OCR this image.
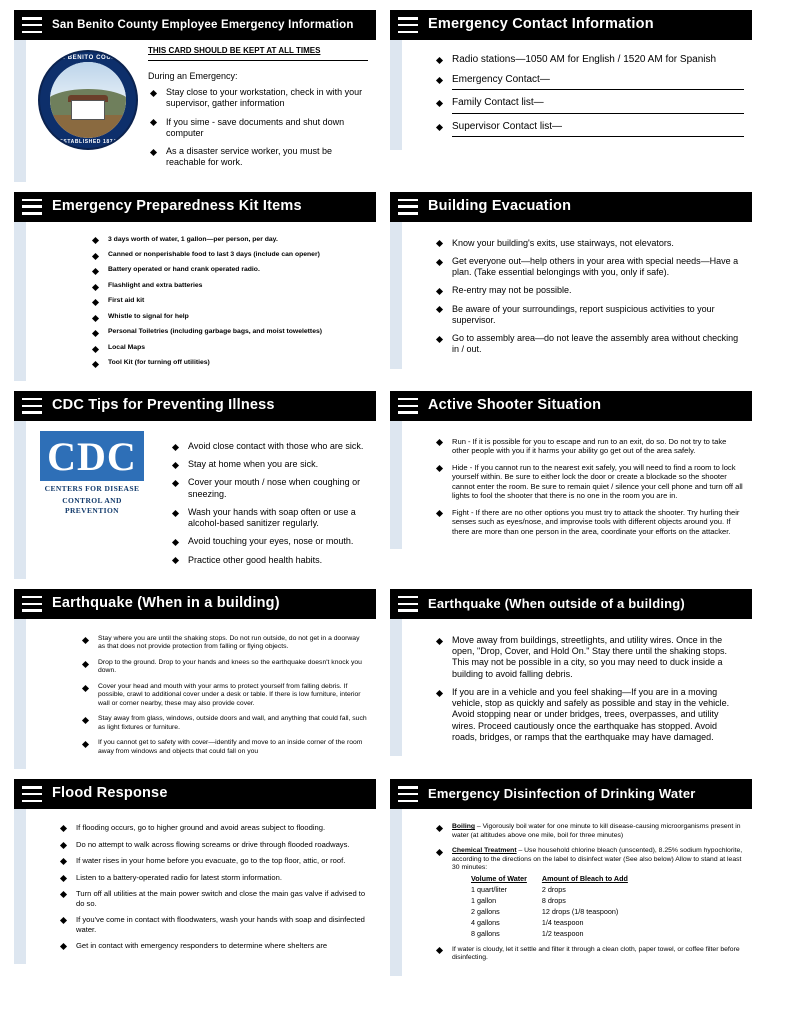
San Benito County Employee Emergency Information
SAN BENITO COUNTY
ESTABLISHED 1874
THIS CARD SHOULD BE KEPT AT ALL TIMES
During an Emergency:
Stay close to your workstation, check in with your supervisor, gather information
If you sime - save documents and shut down computer
As a disaster service worker, you must be reachable for work.
Emergency Contact Information
Radio stations—1050 AM for English / 1520 AM for Spanish
Emergency Contact—
Family Contact list—
Supervisor Contact list—
Emergency Preparedness Kit Items
3 days worth of water, 1 gallon—per person, per day.
Canned or nonperishable food to last 3 days (include can opener)
Battery operated or hand crank operated radio.
Flashlight and extra batteries
First aid kit
Whistle to signal for help
Personal Toiletries (including garbage bags, and moist towelettes)
Local Maps
Tool Kit (for turning off utilities)
Building Evacuation
Know your building's exits, use stairways, not elevators.
Get everyone out—help others in your area with special needs—Have a plan. (Take essential belongings with you, only if safe).
Re-entry may not be possible.
Be aware of your surroundings, report suspicious activities to your supervisor.
Go to assembly area—do not leave the assembly area without checking in / out.
CDC Tips for Preventing Illness
CDC
CENTERS FOR DISEASE
CONTROL AND PREVENTION
Avoid close contact with those who are sick.
Stay at home when you are sick.
Cover your mouth / nose when coughing or sneezing.
Wash your hands with soap often or use a alcohol-based sanitizer regularly.
Avoid touching your eyes, nose or mouth.
Practice other good health habits.
Active Shooter Situation
Run - If it is possible for you to escape and run to an exit, do so. Do not try to take other people with you if it harms your ability go get out of the area safely.
Hide - If you cannot run to the nearest exit safely, you will need to find a room to lock yourself within. Be sure to either lock the door or create a blockade so the shooter cannot enter the room. Be sure to remain quiet / silence your cell phone and turn off all lights to fool the shooter that there is no one in the room you are in.
Fight - If there are no other options you must try to attack the shooter. Try hurling their senses such as eyes/nose, and improvise tools with different objects around you. If there are more than one person in the area, coordinate your efforts on the attacker.
Earthquake (When in a building)
Stay where you are until the shaking stops. Do not run outside, do not get in a doorway as that does not provide protection from falling or flying objects.
Drop to the ground. Drop to your hands and knees so the earthquake doesn't knock you down.
Cover your head and mouth with your arms to protect yourself from falling debris. If possible, crawl to additional cover under a desk or table. If there is low furniture, interior wall or corner nearby, these may also provide cover.
Stay away from glass, windows, outside doors and wall, and anything that could fall, such as light fixtures or furniture.
If you cannot get to safety with cover—identify and move to an inside corner of the room away from windows and objects that could fall on you
Earthquake (When outside of a building)
Move away from buildings, streetlights, and utility wires. Once in the open, "Drop, Cover, and Hold On." Stay there until the shaking stops. This may not be possible in a city, so you may need to duck inside a building to avoid falling debris.
If you are in a vehicle and you feel shaking—If you are in a moving vehicle, stop as quickly and safely as possible and stay in the vehicle. Avoid stopping near or under bridges, trees, overpasses, and utility wires. Proceed cautiously once the earthquake has stopped. Avoid roads, bridges, or ramps that the earthquake may have damaged.
Flood Response
If flooding occurs, go to higher ground and avoid areas subject to flooding.
Do no attempt to walk across flowing screams or drive through flooded roadways.
If water rises in your home before you evacuate, go to the top floor, attic, or roof.
Listen to a battery-operated radio for latest storm information.
Turn off all utilities at the main power switch and close the main gas valve if advised to do so.
If you've come in contact with floodwaters, wash your hands with soap and disinfected water.
Get in contact with emergency responders to determine where shelters are
Emergency Disinfection of Drinking Water
Boiling – Vigorously boil water for one minute to kill disease-causing microorganisms present in water (at altitudes above one mile, boil for three minutes)
Chemical Treatment – Use household chlorine bleach (unscented), 8.25% sodium hypochlorite, according to the directions on the label to disinfect water (See also below) Allow to stand at least 30 minutes:
Volume of Water	Amount of Bleach to Add
1 quart/liter	2 drops
1 gallon	8 drops
2 gallons	12 drops (1/8 teaspoon)
4 gallons	1/4 teaspoon
8 gallons	1/2 teaspoon
If water is cloudy, let it settle and filter it through a clean cloth, paper towel, or coffee filter before disinfecting.
